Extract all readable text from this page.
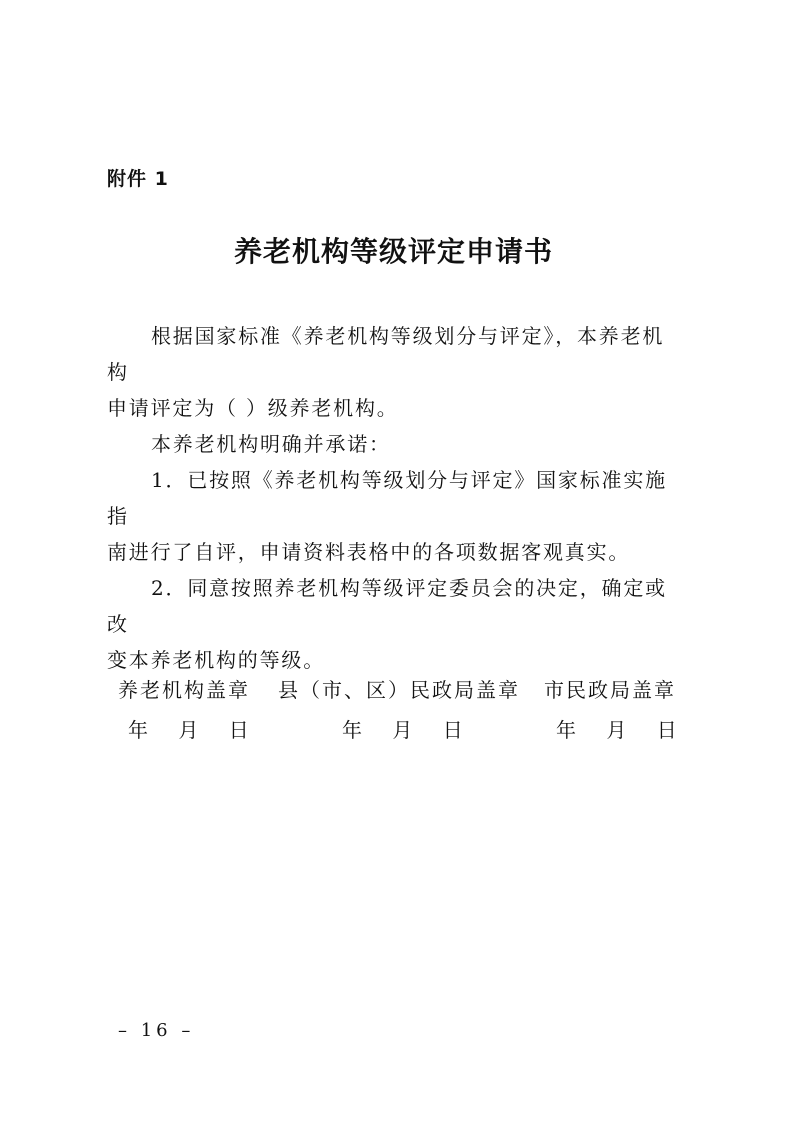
附件 1
养老机构等级评定申请书

根据国家标准《养老机构等级划分与评定》，本养老机构

申请评定为（ ）级养老机构。

本养老机构明确并承诺：

1．已按照《养老机构等级划分与评定》国家标准实施指

南进行了自评，申请资料表格中的各项数据客观真实。

2．同意按照养老机构等级评定委员会的决定，确定或改

变本养老机构的等级。

养老机构盖章
年 月 日
县（市、区）民政局盖章
年 月 日
市民政局盖章
年 月 日
– 16 –
